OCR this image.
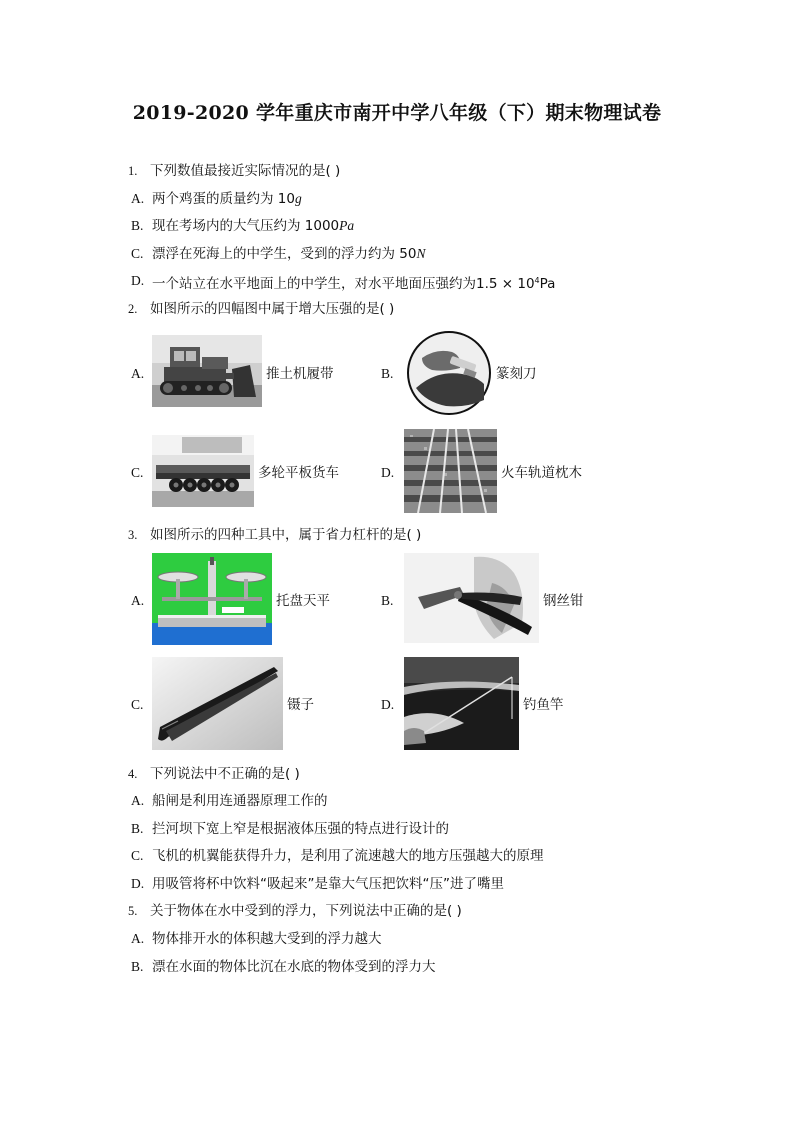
2019-2020 学年重庆市南开中学八年级（下）期末物理试卷
1. 下列数值最接近实际情况的是( )
A. 两个鸡蛋的质量约为 10g
B. 现在考场内的大气压约为 1000Pa
C. 漂浮在死海上的中学生，受到的浮力约为 50N
D. 一个站立在水平地面上的中学生，对水平地面压强约为$1.5 \times 10^4Pa$
2. 如图所示的四幅图中属于增大压强的是( )
A.	推土机履带	B.	篆刻刀
C.	多轮平板货车	D.	火车轨道枕木
3. 如图所示的四种工具中，属于省力杠杆的是( )
A.	托盘天平	B.	钢丝钳
C.	镊子	D.	钓鱼竿
4. 下列说法中不正确的是( )
A. 船闸是利用连通器原理工作的
B. 拦河坝下宽上窄是根据液体压强的特点进行设计的
C. 飞机的机翼能获得升力，是利用了流速越大的地方压强越大的原理
D. 用吸管将杯中饮料“吸起来”是靠大气压把饮料“压”进了嘴里
5. 关于物体在水中受到的浮力，下列说法中正确的是( )
A. 物体排开水的体积越大受到的浮力越大
B. 漂在水面的物体比沉在水底的物体受到的浮力大
